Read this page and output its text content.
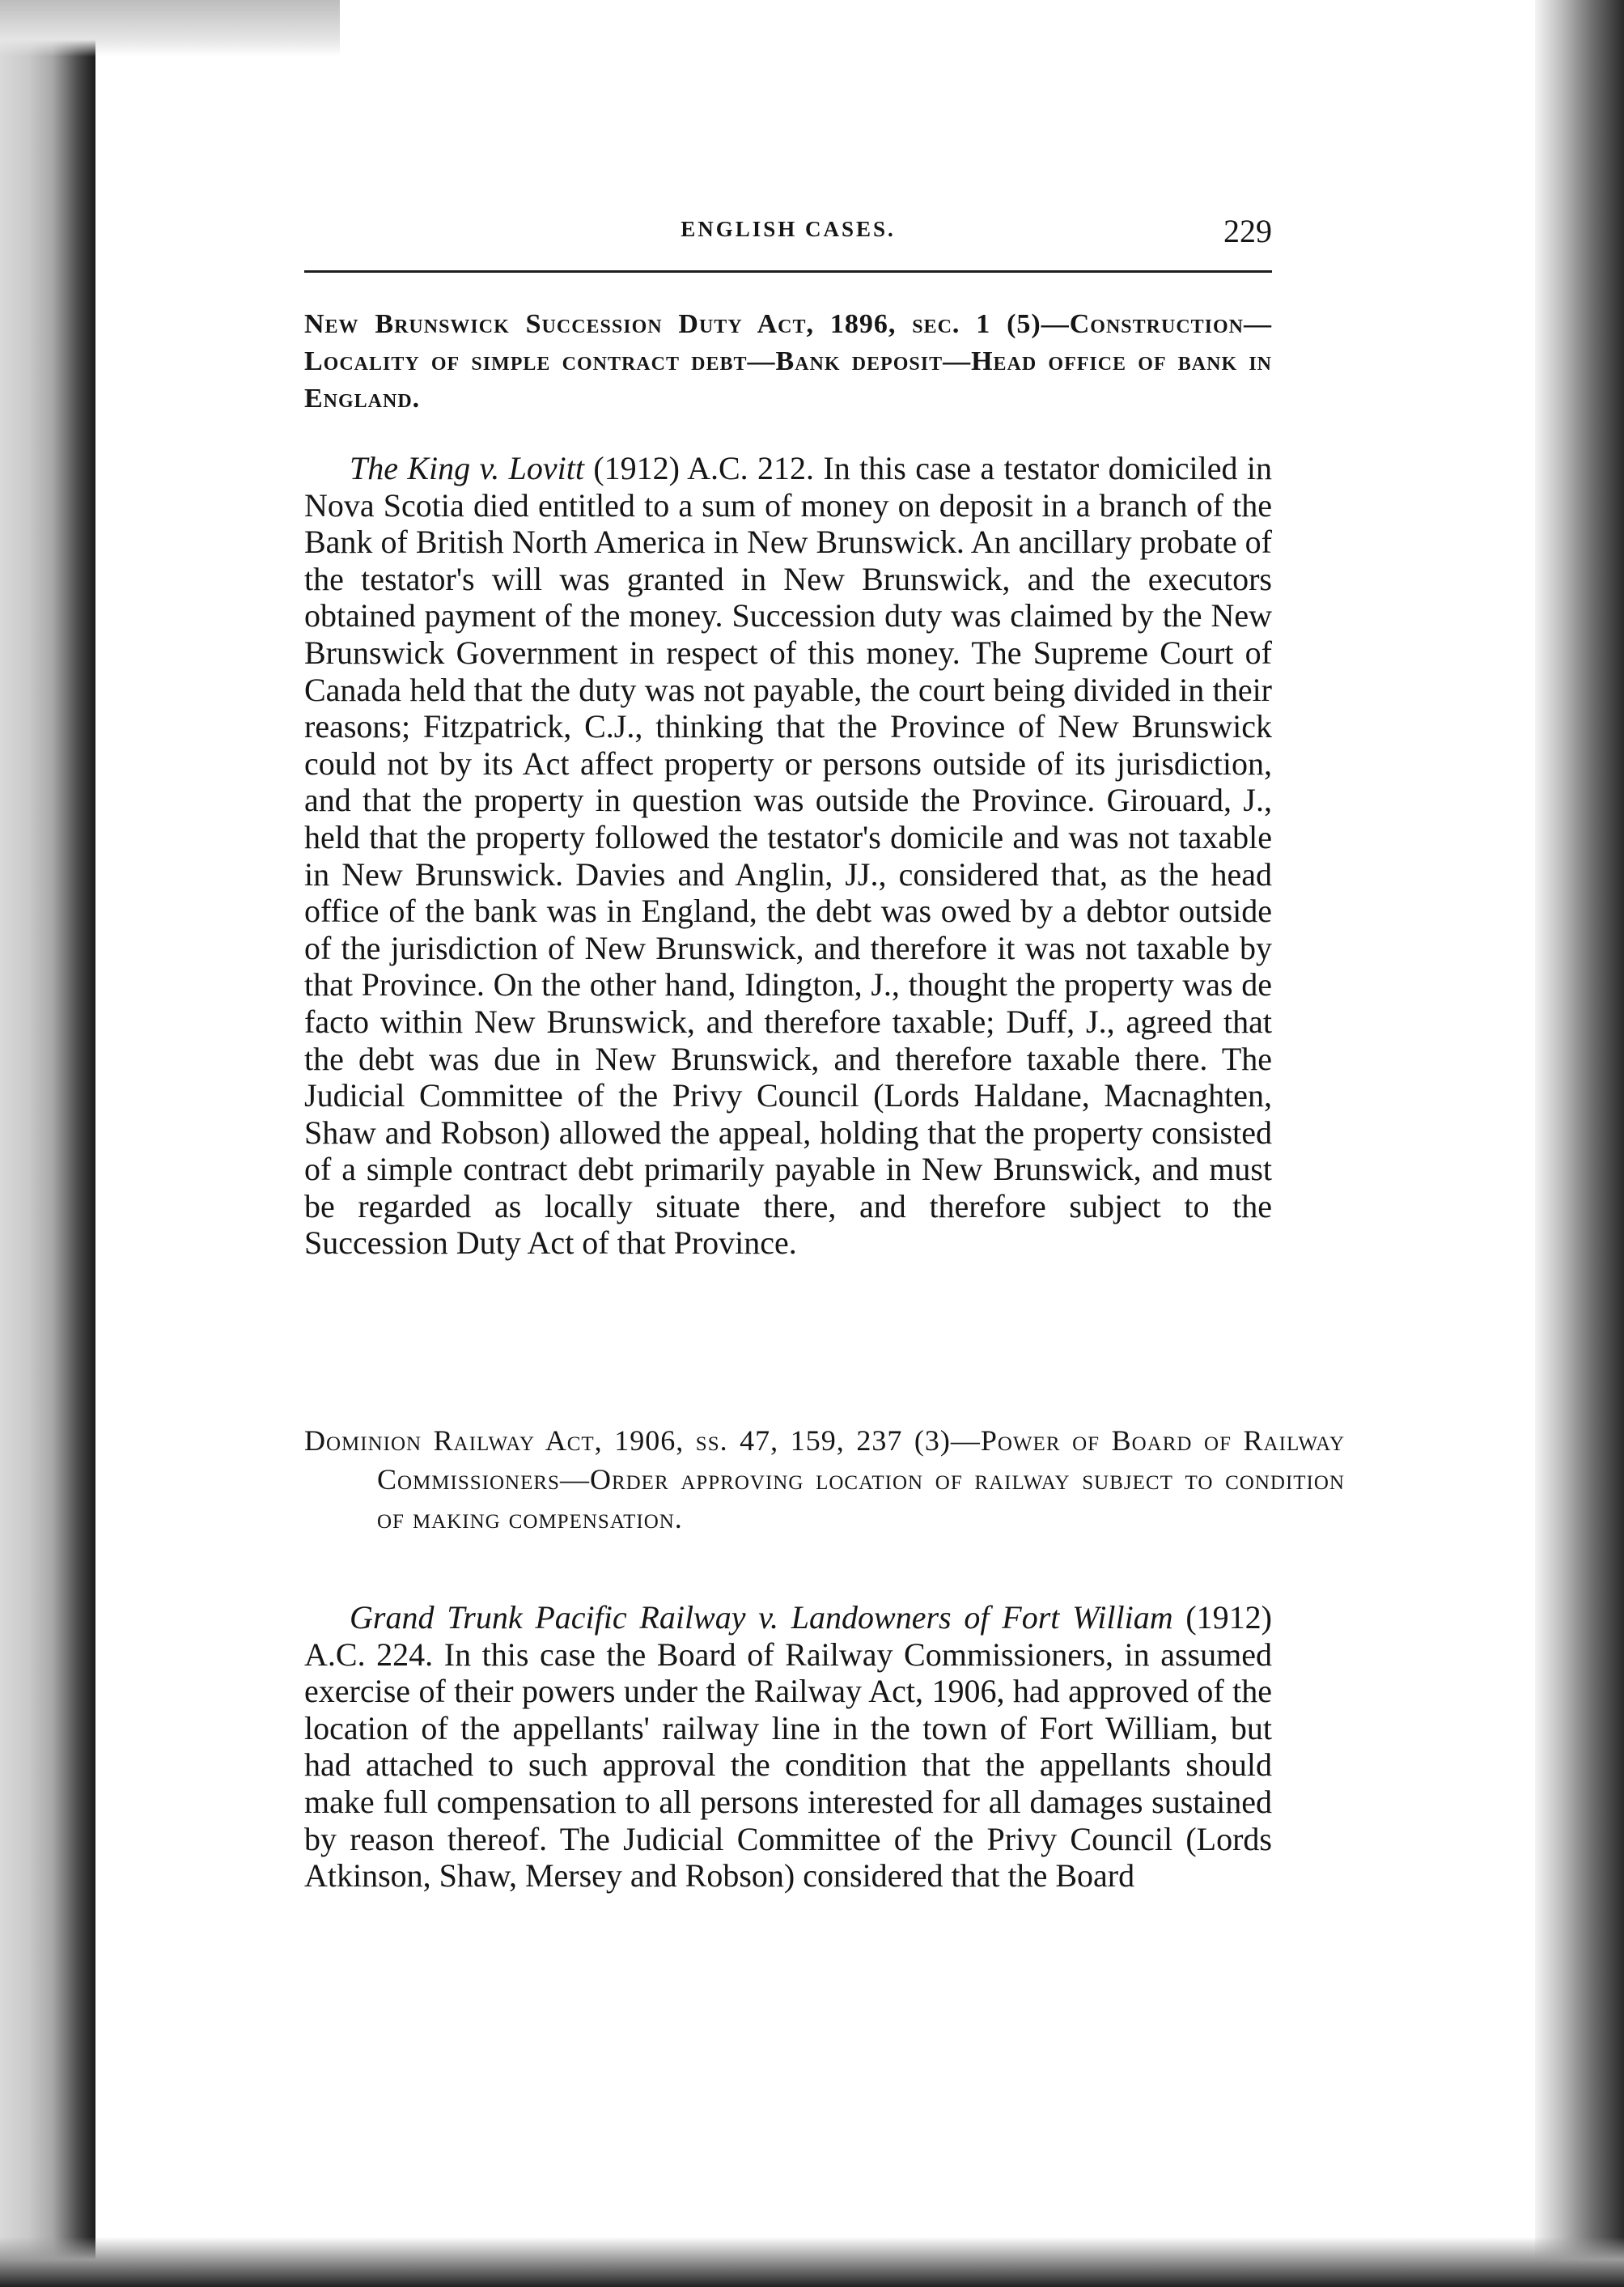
ENGLISH CASES.	229
New Brunswick Succession Duty Act, 1896, sec. 1 (5)—Construction—Locality of simple contract debt—Bank deposit—Head office of bank in England.
The King v. Lovitt (1912) A.C. 212. In this case a testator domiciled in Nova Scotia died entitled to a sum of money on deposit in a branch of the Bank of British North America in New Brunswick. An ancillary probate of the testator's will was granted in New Brunswick, and the executors obtained payment of the money. Succession duty was claimed by the New Brunswick Government in respect of this money. The Supreme Court of Canada held that the duty was not payable, the court being divided in their reasons; Fitzpatrick, C.J., thinking that the Province of New Brunswick could not by its Act affect property or persons outside of its jurisdiction, and that the property in question was outside the Province. Girouard, J., held that the property followed the testator's domicile and was not taxable in New Brunswick. Davies and Anglin, JJ., considered that, as the head office of the bank was in England, the debt was owed by a debtor outside of the jurisdiction of New Brunswick, and therefore it was not taxable by that Province. On the other hand, Idington, J., thought the property was de facto within New Brunswick, and therefore taxable; Duff, J., agreed that the debt was due in New Brunswick, and therefore taxable there. The Judicial Committee of the Privy Council (Lords Haldane, Macnaghten, Shaw and Robson) allowed the appeal, holding that the property consisted of a simple contract debt primarily payable in New Brunswick, and must be regarded as locally situate there, and therefore subject to the Succession Duty Act of that Province.
Dominion Railway Act, 1906, ss. 47, 159, 237 (3)—Power of Board of Railway Commissioners—Order approving location of railway subject to condition of making compensation.
Grand Trunk Pacific Railway v. Landowners of Fort William (1912) A.C. 224. In this case the Board of Railway Commissioners, in assumed exercise of their powers under the Railway Act, 1906, had approved of the location of the appellants' railway line in the town of Fort William, but had attached to such approval the condition that the appellants should make full compensation to all persons interested for all damages sustained by reason thereof. The Judicial Committee of the Privy Council (Lords Atkinson, Shaw, Mersey and Robson) considered that the Board
